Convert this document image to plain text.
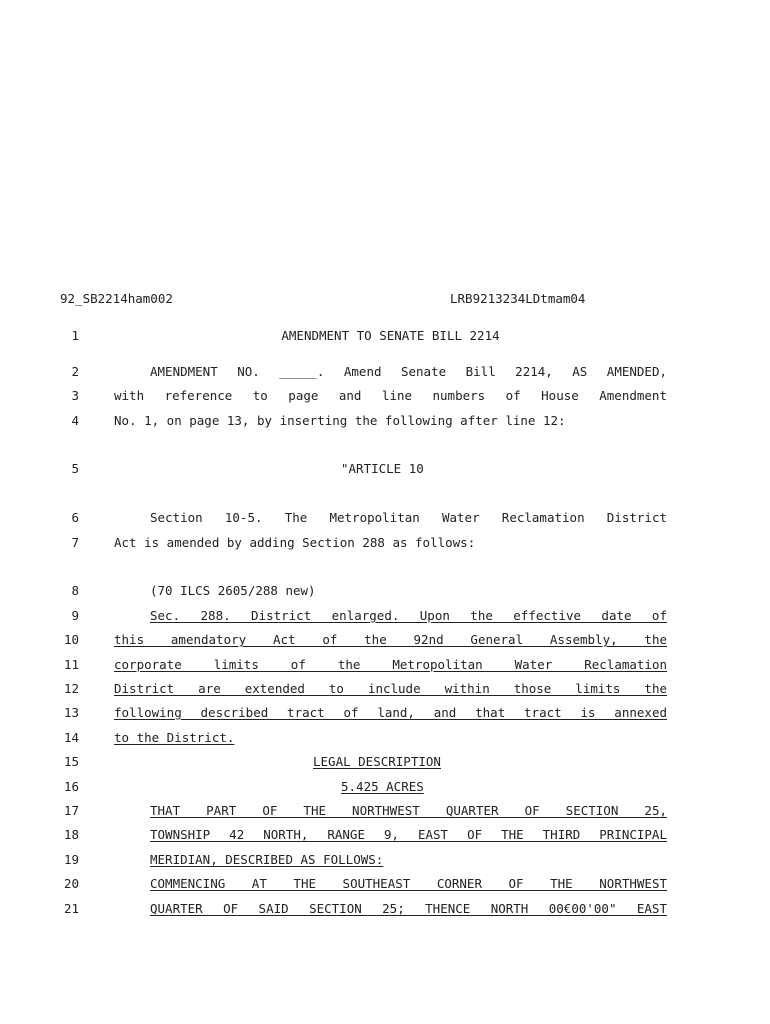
92_SB2214ham002	LRB9213234LDtmam04
1
2
3
4
5
6
7
8
9
10
11
12
13
14
15
16
17
18
19
20
21
AMENDMENT TO SENATE BILL 2214
AMENDMENT NO. _____. Amend Senate Bill 2214, AS AMENDED,
with reference to page and line numbers of House Amendment
No. 1, on page 13, by inserting the following after line 12:
"ARTICLE 10
Section 10-5. The Metropolitan Water Reclamation District
Act is amended by adding Section 288 as follows:
(70 ILCS 2605/288 new)
Sec. 288. District enlarged. Upon the effective date of
this amendatory Act of the 92nd General Assembly, the
corporate limits of the Metropolitan Water Reclamation
District are extended to include within those limits the
following described tract of land, and that tract is annexed
to the District.
LEGAL DESCRIPTION
5.425 ACRES
THAT PART OF THE NORTHWEST QUARTER OF SECTION 25,
TOWNSHIP 42 NORTH, RANGE 9, EAST OF THE THIRD PRINCIPAL
MERIDIAN, DESCRIBED AS FOLLOWS:
COMMENCING AT THE SOUTHEAST CORNER OF THE NORTHWEST
QUARTER OF SAID SECTION 25; THENCE NORTH 00€00'00" EAST
